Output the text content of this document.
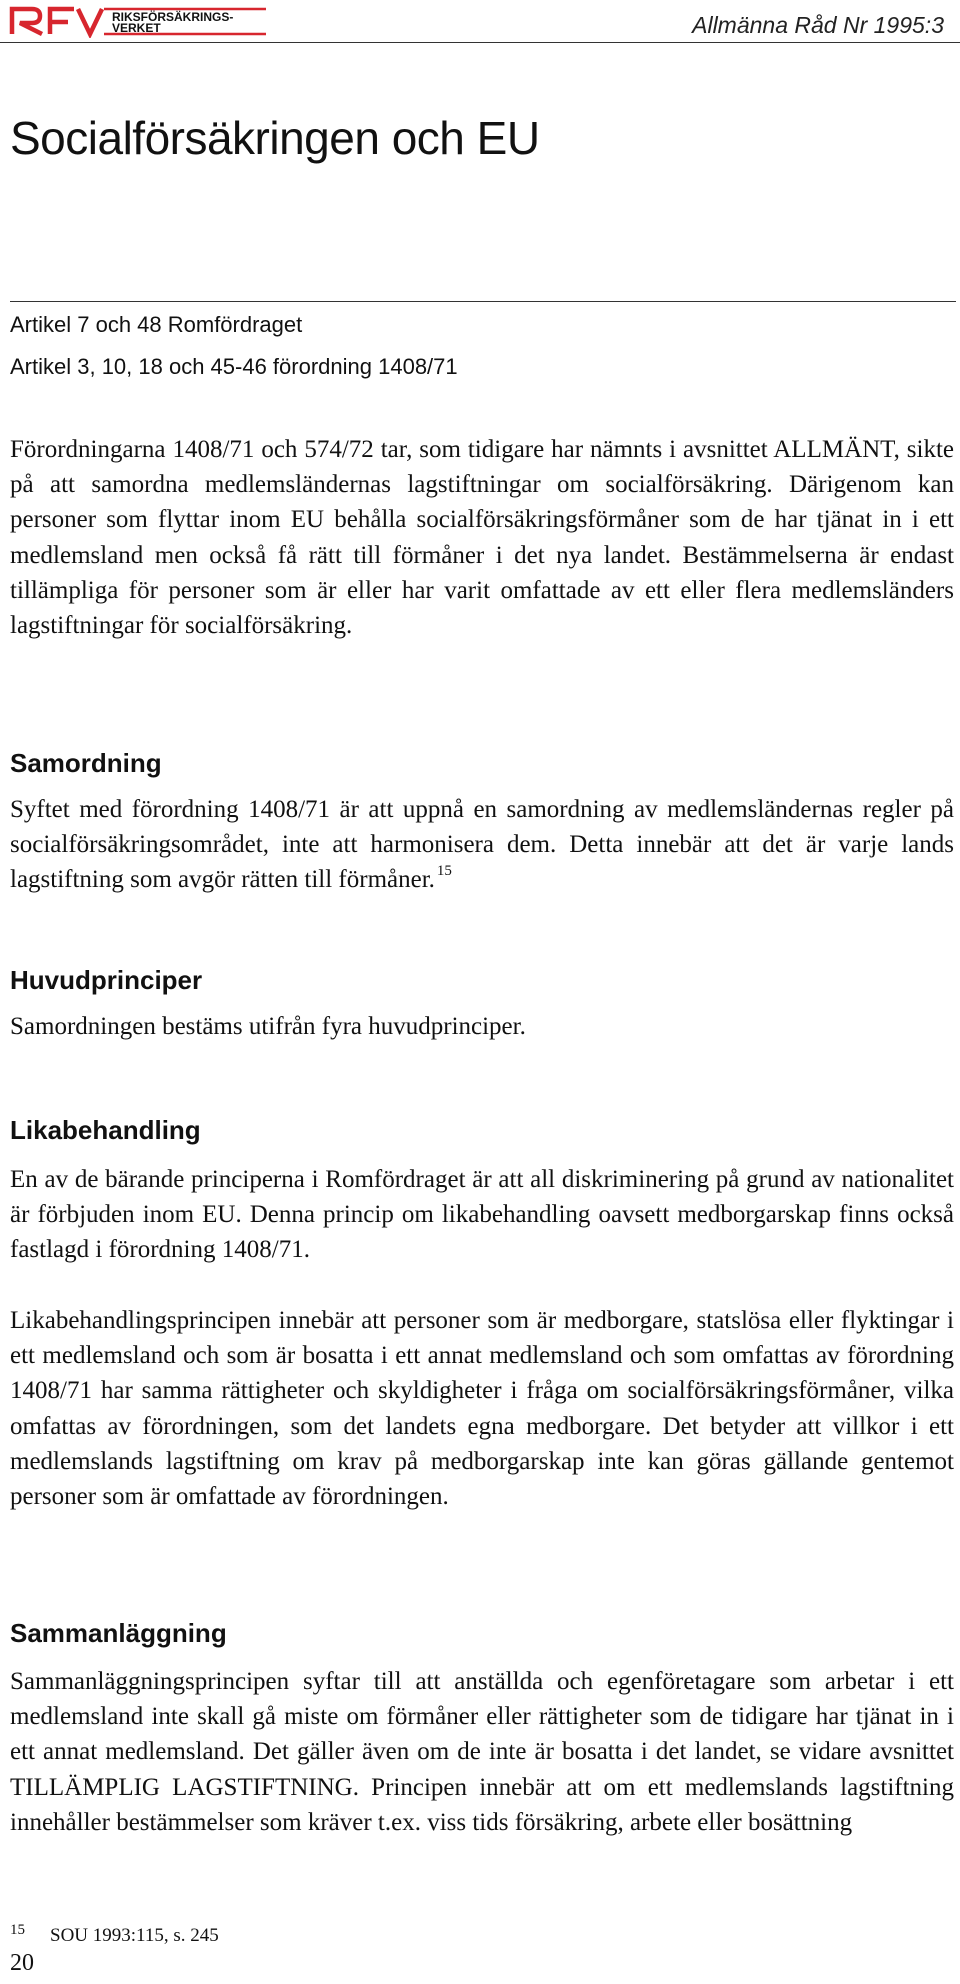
RIKSFÖRSÄKRINGS-
VERKET	Allmänna Råd Nr 1995:3
Socialförsäkringen och EU
Artikel 7 och 48 Romfördraget
Artikel 3, 10, 18 och 45-46 förordning 1408/71

Förordningarna 1408/71 och 574/72 tar, som tidigare har nämnts i avsnittet ALLMÄNT, sikte på att samordna medlemsländernas lagstiftningar om socialförsäkring. Därigenom kan personer som flyttar inom EU behålla socialförsäkringsförmåner som de har tjänat in i ett medlemsland men också få rätt till förmåner i det nya landet. Bestämmelserna är endast tillämpliga för personer som är eller har varit omfattade av ett eller flera medlemsländers lagstiftningar för socialförsäkring.

Samordning

Syftet med förordning 1408/71 är att uppnå en samordning av medlemsländernas regler på socialförsäkringsområdet, inte att harmonisera dem. Detta innebär att det är varje lands lagstiftning som avgör rätten till förmåner. $^{15}$

Huvudprinciper

Samordningen bestäms utifrån fyra huvudprinciper.

Likabehandling

En av de bärande principerna i Romfördraget är att all diskriminering på grund av nationalitet är förbjuden inom EU. Denna princip om likabehandling oavsett medborgarskap finns också fastlagd i förordning 1408/71.

Likabehandlingsprincipen innebär att personer som är medborgare, statslösa eller flyktingar i ett medlemsland och som är bosatta i ett annat medlemsland och som omfattas av förordning 1408/71 har samma rättigheter och skyldigheter i fråga om socialförsäkringsförmåner, vilka omfattas av förordningen, som det landets egna medborgare. Det betyder att villkor i ett medlemslands lagstiftning om krav på medborgarskap inte kan göras gällande gentemot personer som är omfattade av förordningen.

Sammanläggning

Sammanläggningsprincipen syftar till att anställda och egenföretagare som arbetar i ett medlemsland inte skall gå miste om förmåner eller rättigheter som de tidigare har tjänat in i ett annat medlemsland. Det gäller även om de inte är bosatta i det landet, se vidare avsnittet TILLÄMPLIG LAGSTIFTNING. Principen innebär att om ett medlemslands lagstiftning innehåller bestämmelser som kräver t.ex. viss tids försäkring, arbete eller bosättning

15 SOU 1993:115, s. 245
20
